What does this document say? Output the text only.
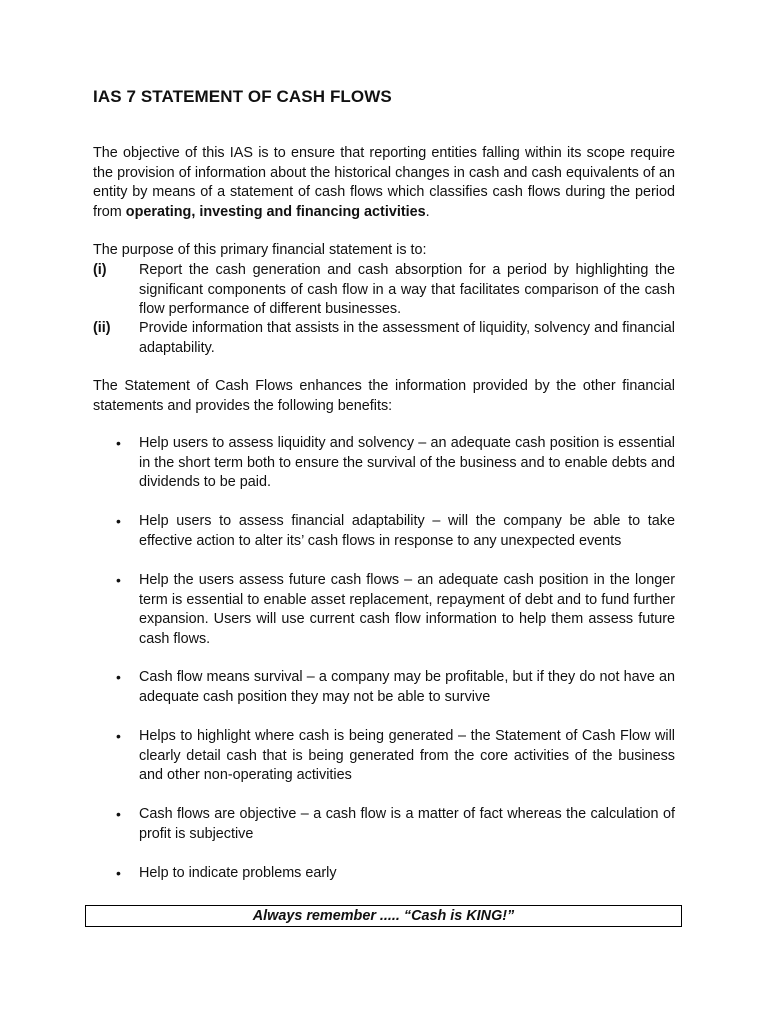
IAS 7 STATEMENT OF CASH FLOWS

The objective of this IAS is to ensure that reporting entities falling within its scope require the provision of information about the historical changes in cash and cash equivalents of an entity by means of a statement of cash flows which classifies cash flows during the period from operating, investing and financing activities.

The purpose of this primary financial statement is to:

(i) Report the cash generation and cash absorption for a period by highlighting the significant components of cash flow in a way that facilitates comparison of the cash flow performance of different businesses.
(ii) Provide information that assists in the assessment of liquidity, solvency and financial adaptability.

The Statement of Cash Flows enhances the information provided by the other financial statements and provides the following benefits:

• Help users to assess liquidity and solvency – an adequate cash position is essential in the short term both to ensure the survival of the business and to enable debts and dividends to be paid.
• Help users to assess financial adaptability – will the company be able to take effective action to alter its’ cash flows in response to any unexpected events
• Help the users assess future cash flows – an adequate cash position in the longer term is essential to enable asset replacement, repayment of debt and to fund further expansion. Users will use current cash flow information to help them assess future cash flows.
• Cash flow means survival – a company may be profitable, but if they do not have an adequate cash position they may not be able to survive
• Helps to highlight where cash is being generated – the Statement of Cash Flow will clearly detail cash that is being generated from the core activities of the business and other non-operating activities
• Cash flows are objective – a cash flow is a matter of fact whereas the calculation of profit is subjective
• Help to indicate problems early
Always remember ..... “Cash is KING!”
